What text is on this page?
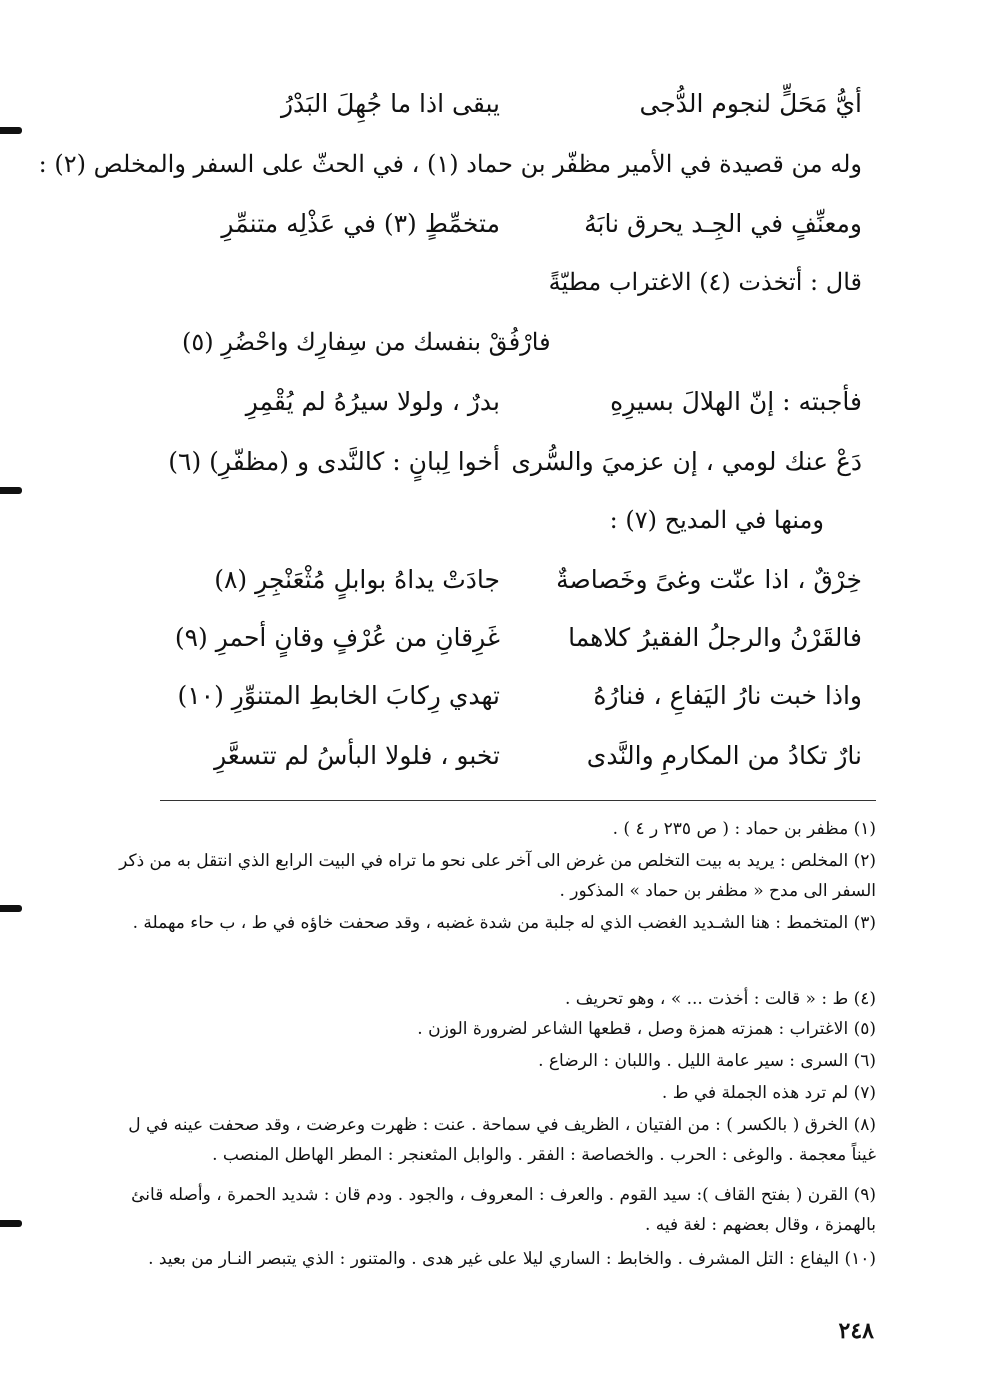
أيُّ مَحَلٍّ لنجوم الدُّجى
يبقى اذا ما جُهِلَ البَدْرُ
وله من قصيدة في الأمير مظفّر بن حماد (١) ، في الحثّ على السفر والمخلص (٢) :
ومعنِّفٍ في الجِـد يحرق نابَهُ
متخمِّطٍ (٣) في عَذْلِه متنمِّرِ
قال : أتخذت (٤) الاغتراب مطيّةً
فارْفُقْ بنفسك من سِفارِك واحْضُرِ (٥)
فأجبته : إنّ الهلالَ بسيرِهِ
بدرٌ ، ولولا سيرُهُ لم يُقْمِرِ
دَعْ عنك لومي ، إن عزميَ والسُّرى
أخوا لِبانٍ : كالنَّدى و (مظفّرِ) (٦)
ومنها في المديح (٧) :
خِرْقٌ ، اذا عنّت وغىً وخَصاصةٌ
جادَتْ يداهُ بوابلٍ مُثْعَنْجِرِ (٨)
فالقَرْنُ والرجلُ الفقيرُ كلاهما
غَرِقانِ من عُرْفٍ وقانٍ أحمرِ (٩)
واذا خبت نارُ اليَفاعِ ، فنارُهُ
تهدي رِكابَ الخابطِ المتنوِّرِ (١٠)
نارٌ تكادُ من المكارمِ والنَّدى
تخبو ، فلولا البأسُ لم تتسعَّرِ
(١) مظفر بن حماد : ( ص ٢٣٥ ر ٤ ) .
(٢) المخلص : يريد به بيت التخلص من غرض الى آخر على نحو ما تراه في البيت الرابع الذي انتقل به من ذكر السفر الى مدح « مظفر بن حماد » المذكور .
(٣) المتخمط : هنا الشـديد الغضب الذي له جلبة من شدة غضبه ، وقد صحفت خاؤه في ط ، ب حاء مهملة .
(٤) ط : « قالت : أخذت ... » ، وهو تحريف .
(٥) الاغتراب : همزته همزة وصل ، قطعها الشاعر لضرورة الوزن .
(٦) السرى : سير عامة الليل . واللبان : الرضاع .
(٧) لم ترد هذه الجملة في ط .
(٨) الخرق ( بالكسر ) : من الفتيان ، الظريف في سماحة . عنت : ظهرت وعرضت ، وقد صحفت عينه في ل غيناً معجمة . والوغى : الحرب . والخصاصة : الفقر . والوابل المثعنجر : المطر الهاطل المنصب .
(٩) القرن ( بفتح القاف ): سيد القوم . والعرف : المعروف ، والجود . ودم قان : شديد الحمرة ، وأصله قانئ بالهمزة ، وقال بعضهم : لغة فيه .
(١٠) اليفاع : التل المشرف . والخابط : الساري ليلا على غير هدى . والمتنور : الذي يتبصر النـار من بعيد .
٢٤٨
